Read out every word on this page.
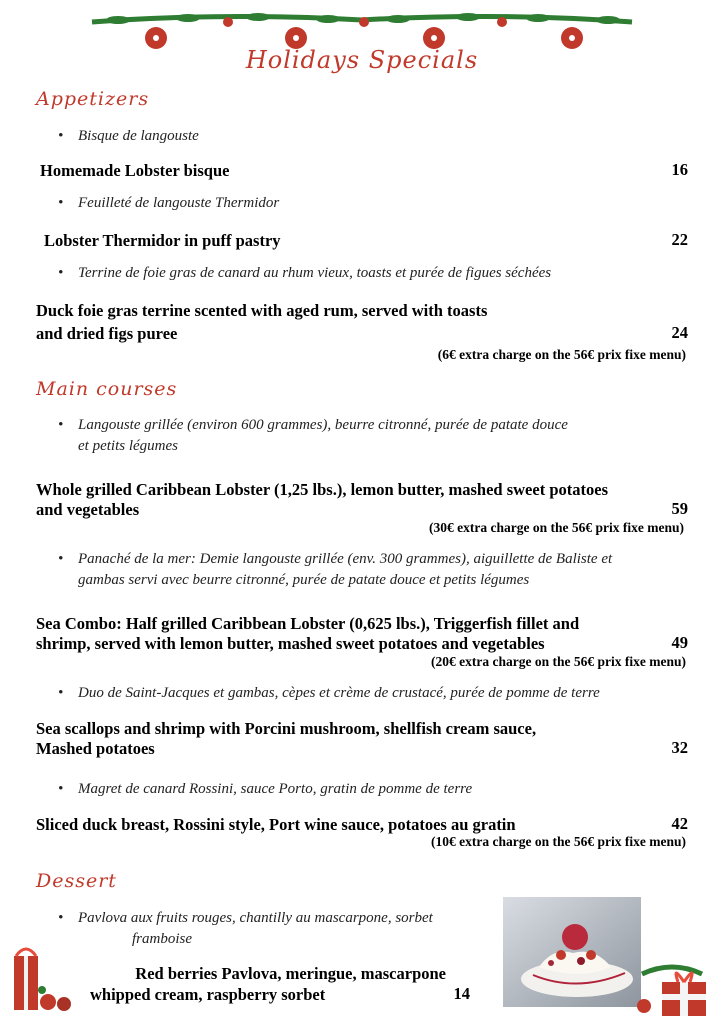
Holidays Specials
Appetizers
• Bisque de langouste
Homemade Lobster bisque	16
• Feuilleté de langouste Thermidor
Lobster Thermidor in puff pastry	22
• Terrine de foie gras de canard au rhum vieux, toasts et purée de figues séchées
Duck foie gras terrine scented with aged rum, served with toasts
and dried figs puree	24
(6€ extra charge on the 56€ prix fixe menu)
Main courses
• Langouste grillée (environ 600 grammes), beurre citronné, purée de patate douce
et petits légumes
Whole grilled Caribbean Lobster (1,25 lbs.), lemon butter, mashed sweet potatoes
and vegetables	59
(30€ extra charge on the 56€ prix fixe menu)
• Panaché de la mer: Demie langouste grillée (env. 300 grammes), aiguillette de Baliste et
gambas servi avec beurre citronné, purée de patate douce et petits légumes
Sea Combo: Half grilled Caribbean Lobster (0,625 lbs.), Triggerfish fillet and
shrimp, served with lemon butter, mashed sweet potatoes and vegetables	49
(20€ extra charge on the 56€ prix fixe menu)
• Duo de Saint-Jacques et gambas, cèpes et crème de crustacé, purée de pomme de terre
Sea scallops and shrimp with Porcini mushroom, shellfish cream sauce,
Mashed potatoes	32
• Magret de canard Rossini, sauce Porto, gratin de pomme de terre
Sliced duck breast, Rossini style, Port wine sauce, potatoes au gratin	42
(10€ extra charge on the 56€ prix fixe menu)
Dessert
• Pavlova aux fruits rouges, chantilly au mascarpone, sorbet
framboise
Red berries Pavlova, meringue, mascarpone
whipped cream, raspberry sorbet	14
